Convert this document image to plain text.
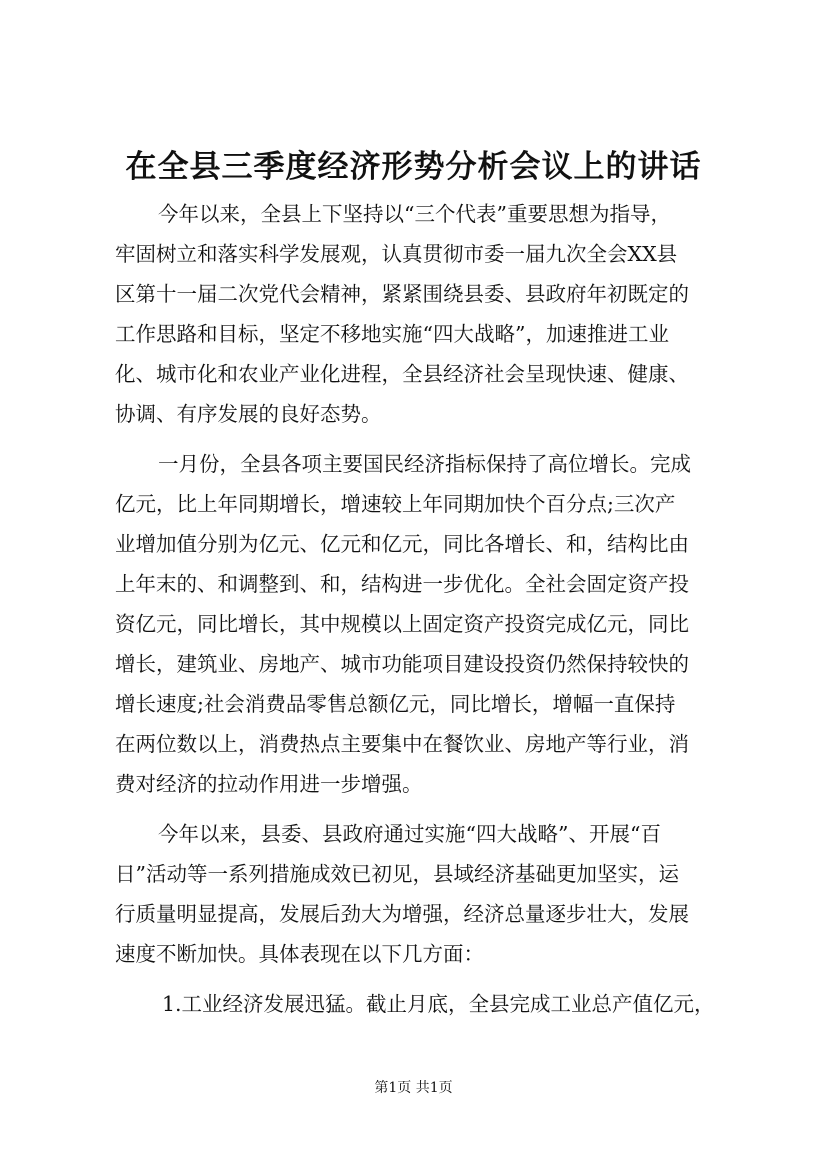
在全县三季度经济形势分析会议上的讲话
今年以来，全县上下坚持以“三个代表”重要思想为指导，
牢固树立和落实科学发展观，认真贯彻市委一届九次全会XX县
区第十一届二次党代会精神，紧紧围绕县委、县政府年初既定的
工作思路和目标，坚定不移地实施“四大战略”，加速推进工业
化、城市化和农业产业化进程，全县经济社会呈现快速、健康、
协调、有序发展的良好态势。
一月份，全县各项主要国民经济指标保持了高位增长。完成
亿元，比上年同期增长，增速较上年同期加快个百分点;三次产
业增加值分别为亿元、亿元和亿元，同比各增长、和，结构比由
上年末的、和调整到、和，结构进一步优化。全社会固定资产投
资亿元，同比增长，其中规模以上固定资产投资完成亿元，同比
增长，建筑业、房地产、城市功能项目建设投资仍然保持较快的
增长速度;社会消费品零售总额亿元，同比增长，增幅一直保持
在两位数以上，消费热点主要集中在餐饮业、房地产等行业，消
费对经济的拉动作用进一步增强。
今年以来，县委、县政府通过实施“四大战略”、开展“百
日”活动等一系列措施成效已初见，县域经济基础更加坚实，运
行质量明显提高，发展后劲大为增强，经济总量逐步壮大，发展
速度不断加快。具体表现在以下几方面：
1.工业经济发展迅猛。截止月底，全县完成工业总产值亿元，
第1页 共1页
